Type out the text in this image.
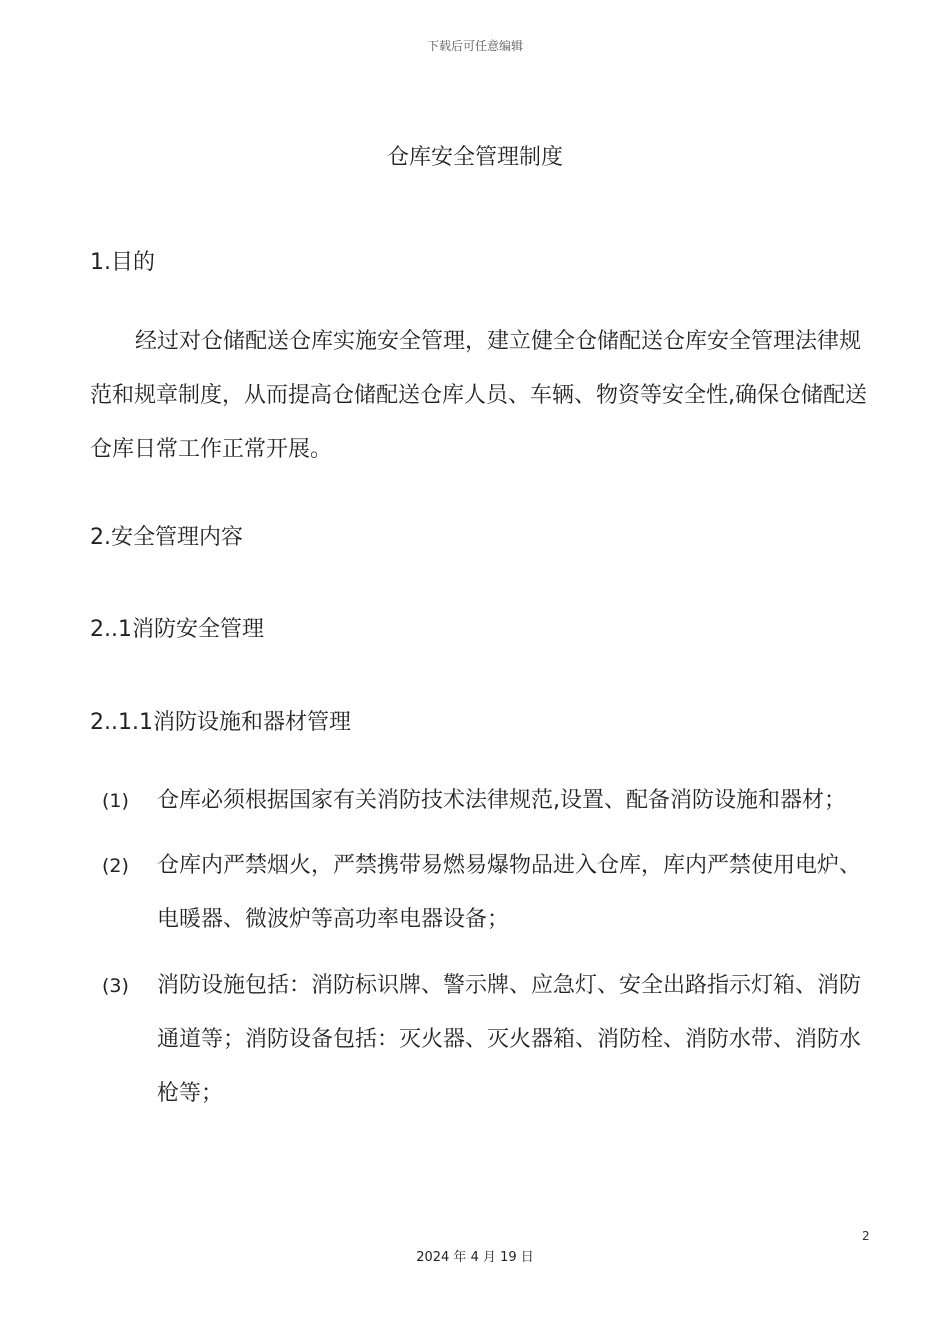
下载后可任意编辑
仓库安全管理制度
1.目的
经过对仓储配送仓库实施安全管理，建立健全仓储配送仓库安全管理法律规范和规章制度，从而提高仓储配送仓库人员、车辆、物资等安全性,确保仓储配送仓库日常工作正常开展。
2.安全管理内容
2..1消防安全管理
2..1.1消防设施和器材管理
(1) 仓库必须根据国家有关消防技术法律规范,设置、配备消防设施和器材；
(2) 仓库内严禁烟火，严禁携带易燃易爆物品进入仓库，库内严禁使用电炉、电暖器、微波炉等高功率电器设备；
(3) 消防设施包括：消防标识牌、警示牌、应急灯、安全出路指示灯箱、消防通道等；消防设备包括：灭火器、灭火器箱、消防栓、消防水带、消防水枪等；
2
2024 年 4 月 19 日
